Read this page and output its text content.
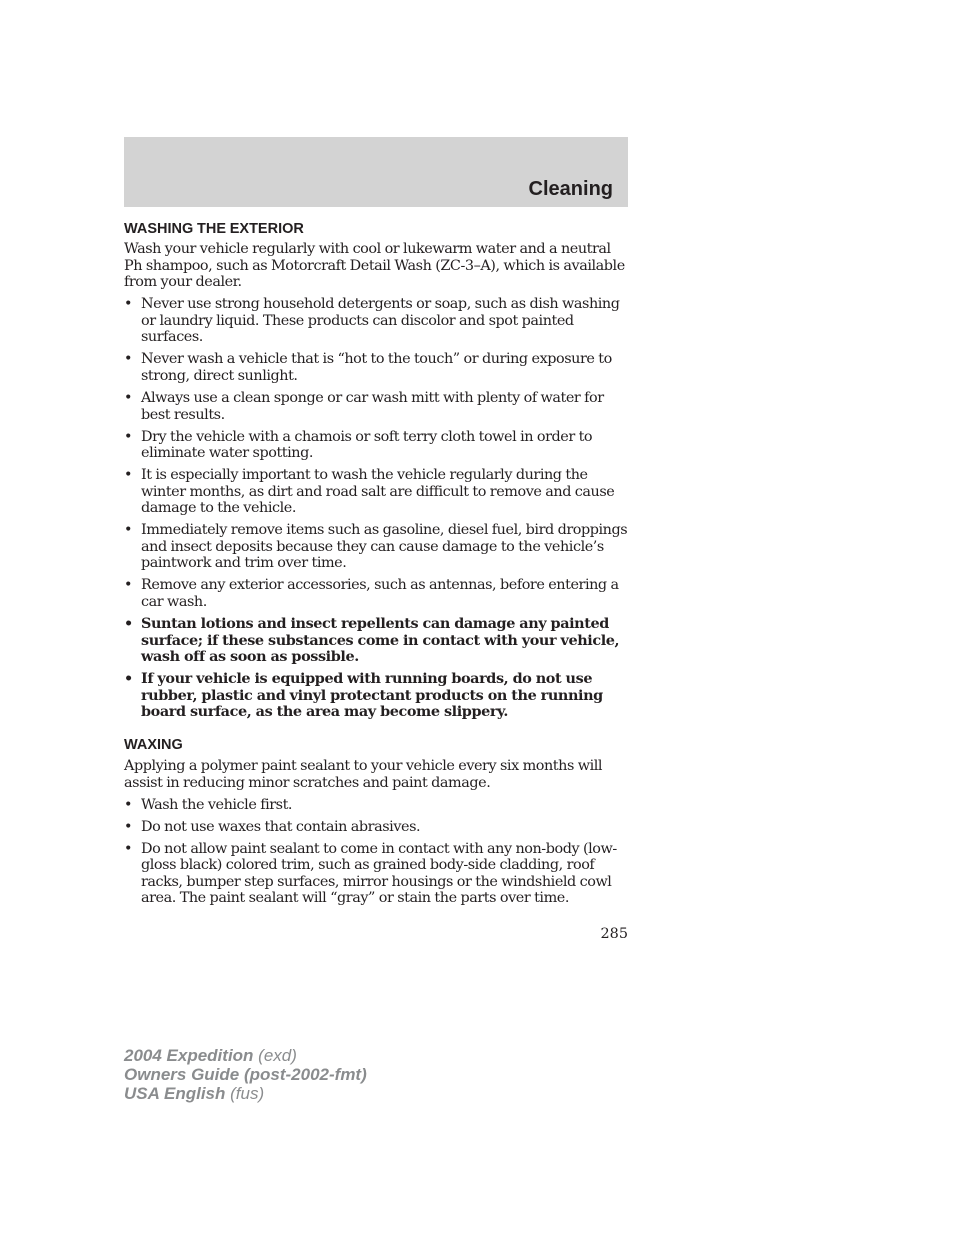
Cleaning
WASHING THE EXTERIOR

Wash your vehicle regularly with cool or lukewarm water and a neutral Ph shampoo, such as Motorcraft Detail Wash (ZC-3–A), which is available from your dealer.

• Never use strong household detergents or soap, such as dish washing or laundry liquid. These products can discolor and spot painted surfaces.
• Never wash a vehicle that is “hot to the touch” or during exposure to strong, direct sunlight.
• Always use a clean sponge or car wash mitt with plenty of water for best results.
• Dry the vehicle with a chamois or soft terry cloth towel in order to eliminate water spotting.
• It is especially important to wash the vehicle regularly during the winter months, as dirt and road salt are difficult to remove and cause damage to the vehicle.
• Immediately remove items such as gasoline, diesel fuel, bird droppings and insect deposits because they can cause damage to the vehicle’s paintwork and trim over time.
• Remove any exterior accessories, such as antennas, before entering a car wash.
• Suntan lotions and insect repellents can damage any painted surface; if these substances come in contact with your vehicle, wash off as soon as possible.
• If your vehicle is equipped with running boards, do not use rubber, plastic and vinyl protectant products on the running board surface, as the area may become slippery.
WAXING

Applying a polymer paint sealant to your vehicle every six months will assist in reducing minor scratches and paint damage.

• Wash the vehicle first.
• Do not use waxes that contain abrasives.
• Do not allow paint sealant to come in contact with any non-body (low-gloss black) colored trim, such as grained body-side cladding, roof racks, bumper step surfaces, mirror housings or the windshield cowl area. The paint sealant will “gray” or stain the parts over time.
285
2004 Expedition (exd)
Owners Guide (post-2002-fmt)
USA English (fus)
